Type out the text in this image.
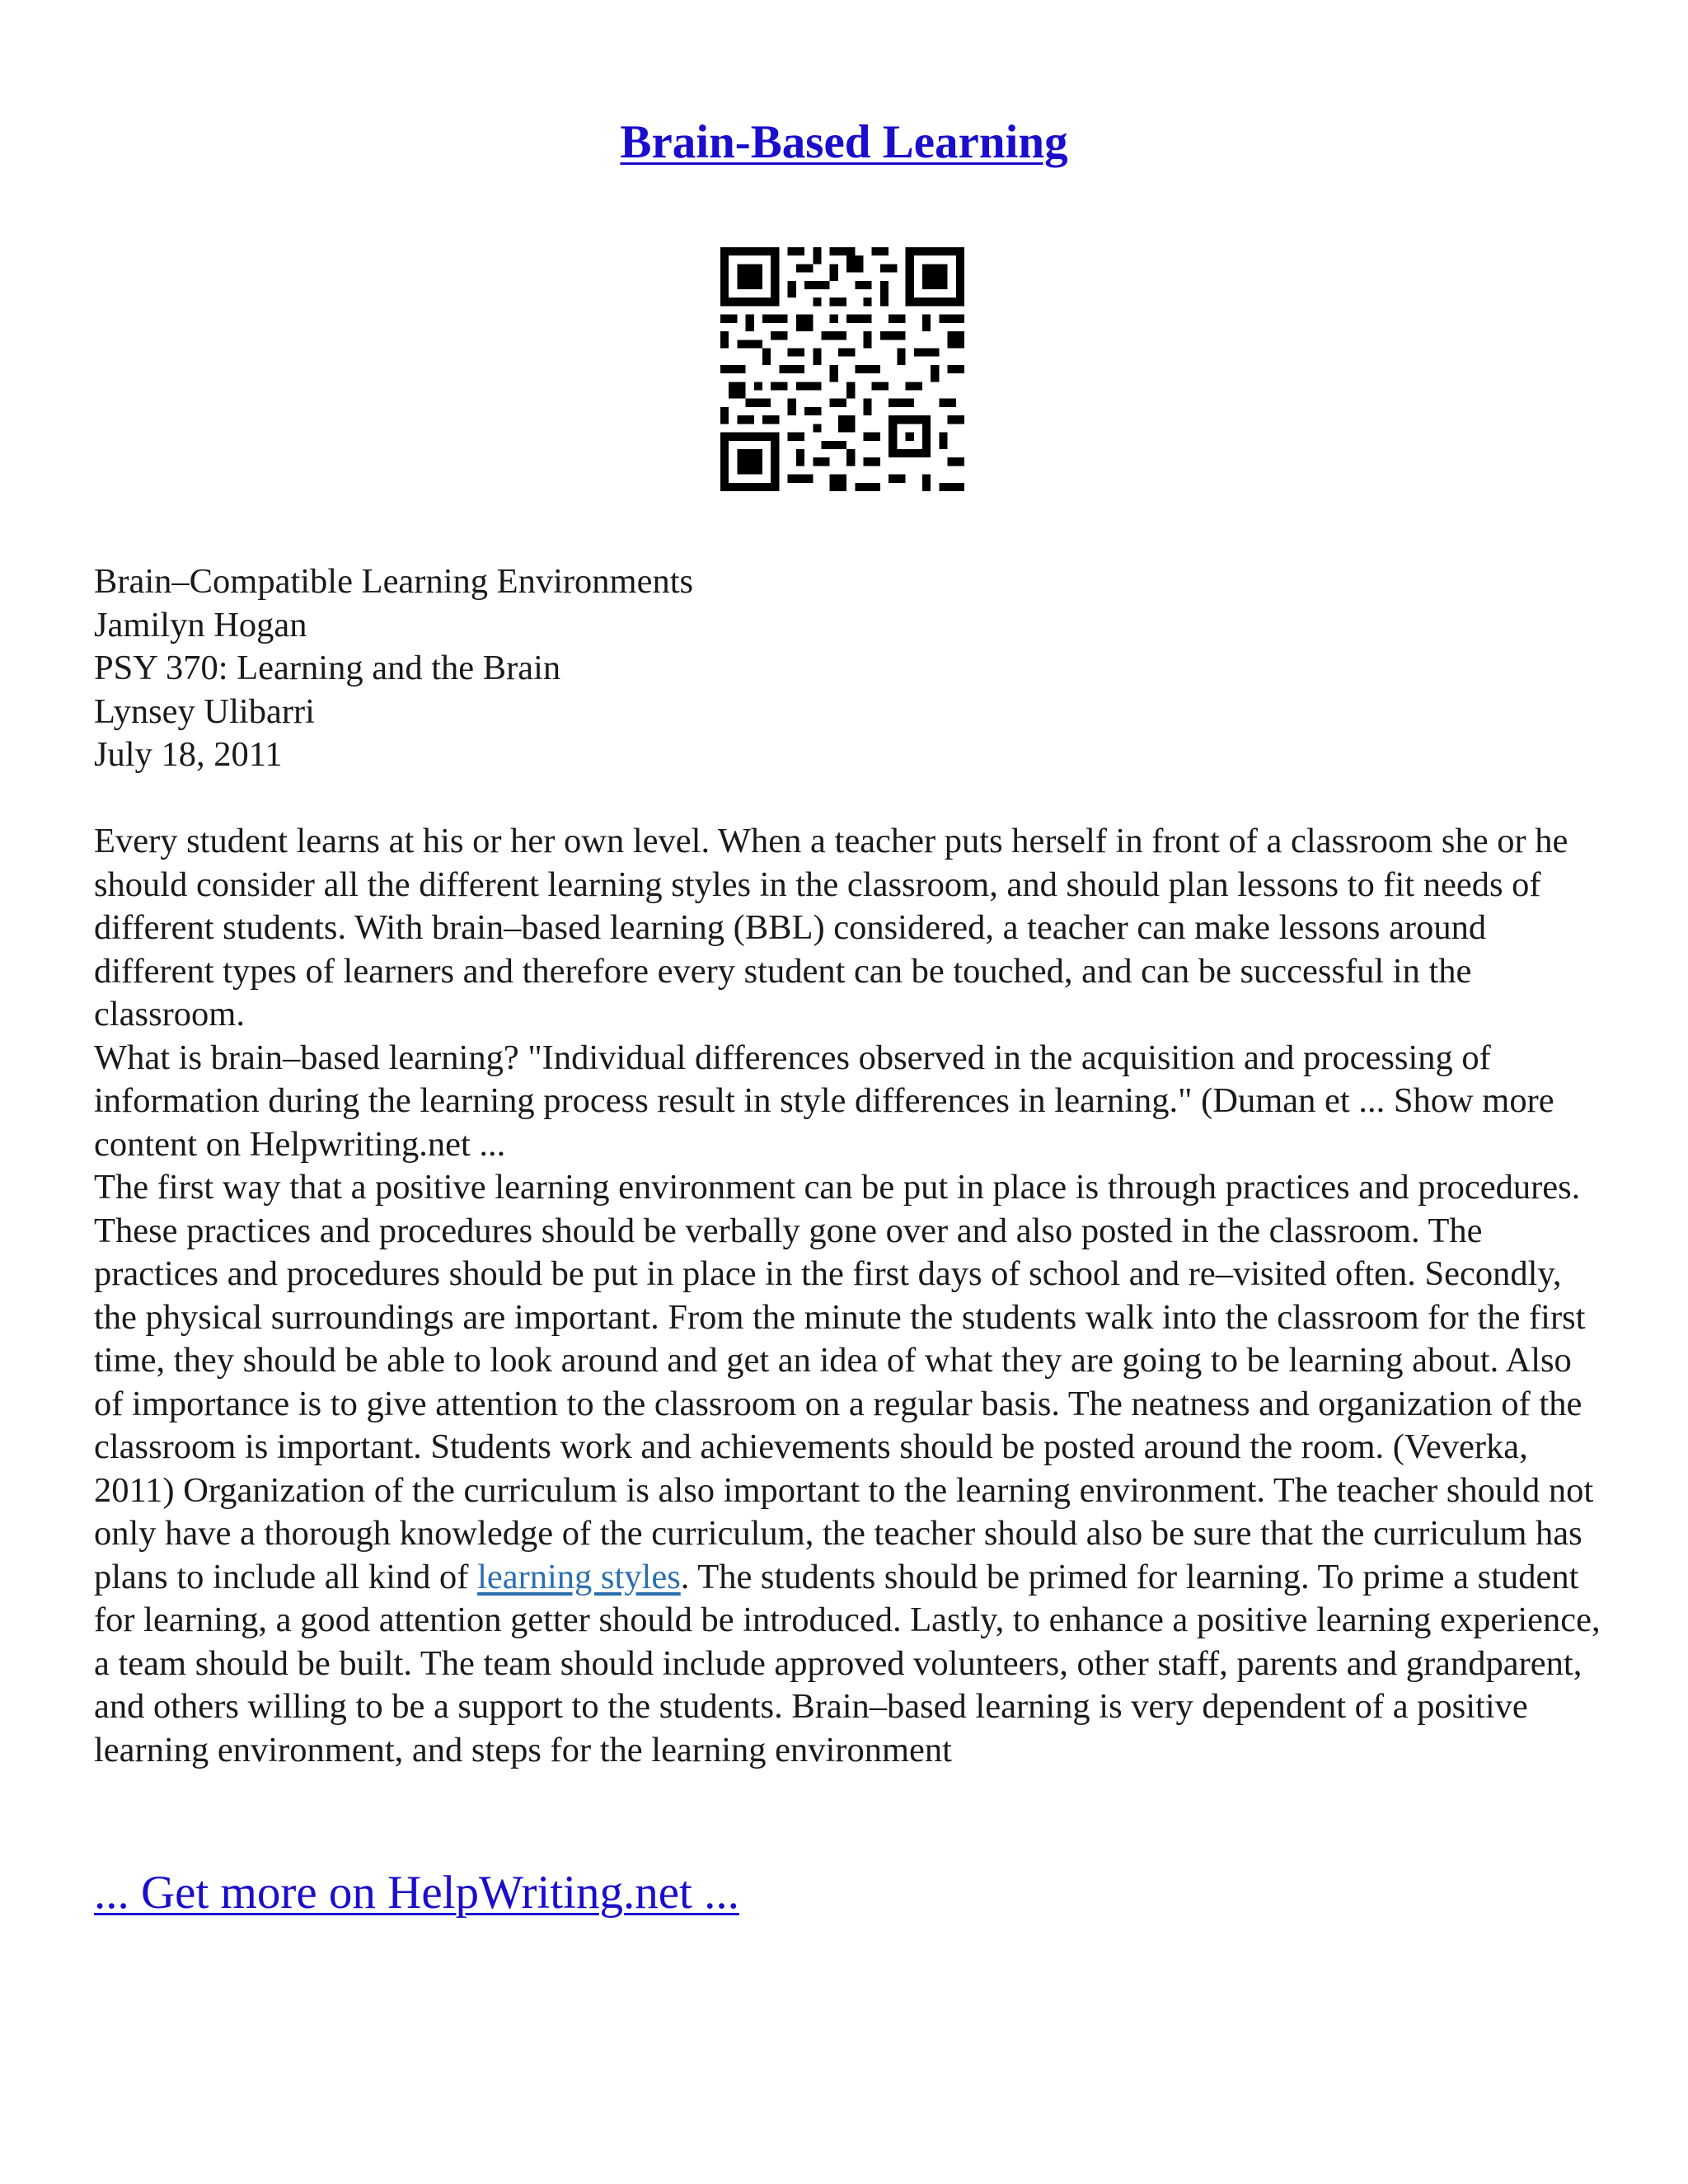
Brain-Based Learning
Brain–Compatible Learning Environments
Jamilyn Hogan
PSY 370: Learning and the Brain
Lynsey Ulibarri
July 18, 2011

Every student learns at his or her own level. When a teacher puts herself in front of a classroom she or he should consider all the different learning styles in the classroom, and should plan lessons to fit needs of different students. With brain–based learning (BBL) considered, a teacher can make lessons around different types of learners and therefore every student can be touched, and can be successful in the classroom.

What is brain–based learning? "Individual differences observed in the acquisition and processing of information during the learning process result in style differences in learning." (Duman et ... Show more content on Helpwriting.net ...

The first way that a positive learning environment can be put in place is through practices and procedures. These practices and procedures should be verbally gone over and also posted in the classroom. The practices and procedures should be put in place in the first days of school and re–visited often. Secondly, the physical surroundings are important. From the minute the students walk into the classroom for the first time, they should be able to look around and get an idea of what they are going to be learning about. Also of importance is to give attention to the classroom on a regular basis. The neatness and organization of the classroom is important. Students work and achievements should be posted around the room. (Veverka, 2011) Organization of the curriculum is also important to the learning environment. The teacher should not only have a thorough knowledge of the curriculum, the teacher should also be sure that the curriculum has plans to include all kind of learning styles. The students should be primed for learning. To prime a student for learning, a good attention getter should be introduced. Lastly, to enhance a positive learning experience, a team should be built. The team should include approved volunteers, other staff, parents and grandparent, and others willing to be a support to the students. Brain–based learning is very dependent of a positive learning environment, and steps for the learning environment

... Get more on HelpWriting.net ...
